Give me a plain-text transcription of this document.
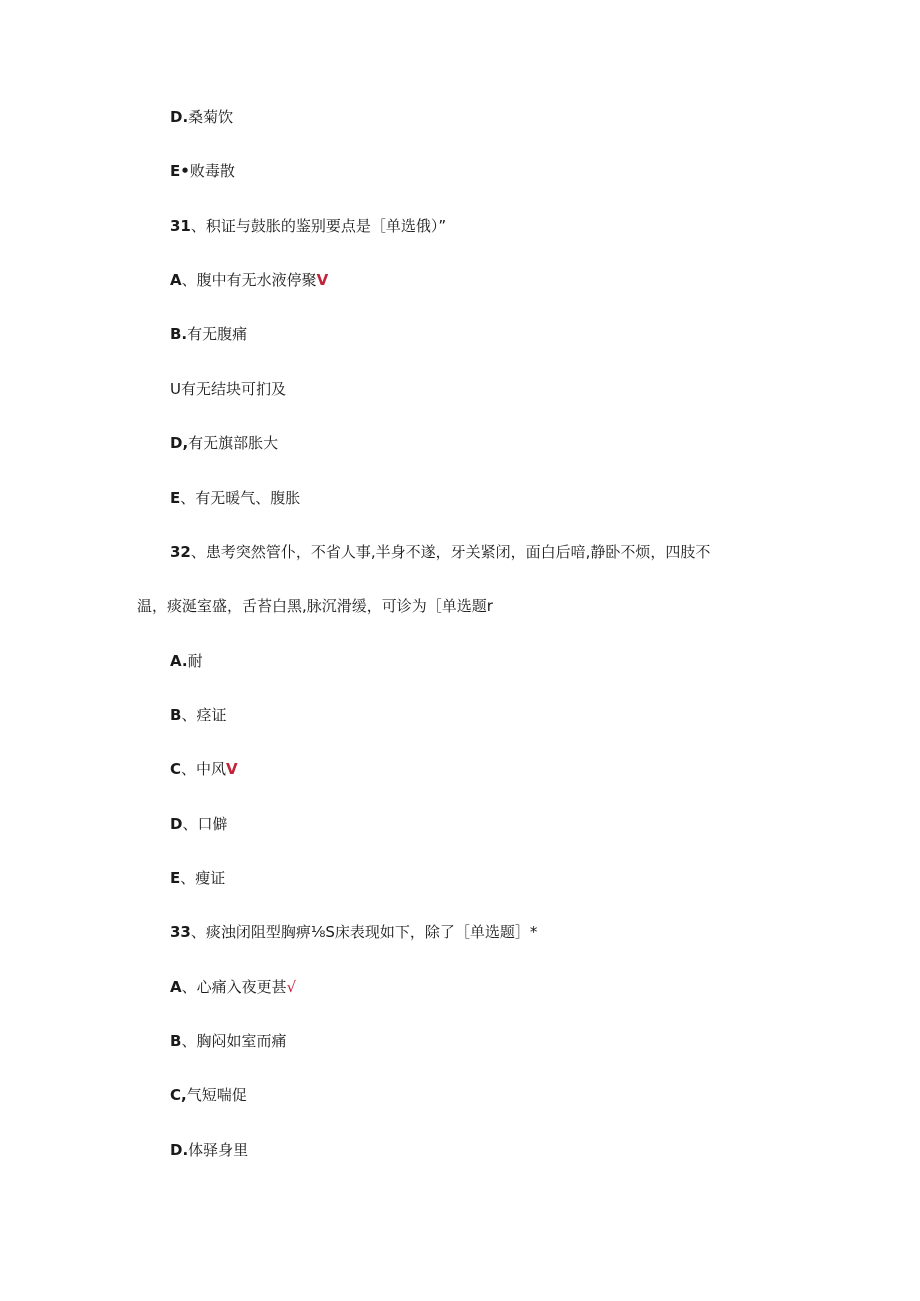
D.桑菊饮
E•败毒散
31、积证与鼓胀的鉴别要点是［单选俄）”
A、腹中有无水液停聚V
B.有无腹痛
U有无结块可扪及
D,有无旗部胀大
E、有无暖气、腹胀
32、患考突然管仆，不省人事,半身不遂，牙关紧闭，面白后喑,静卧不烦，四肢不
温，痰涎室盛，舌苔白黑,脉沉滑缓，可诊为［单选题r
A.耐
B、痉证
C、中风V
D、口僻
E、瘦证
33、痰浊闭阻型胸痹⅛S床表现如下，除了［单选题］*
A、心痛入夜更甚√
B、胸闷如室而痛
C,气短喘促
D.体驿身里
